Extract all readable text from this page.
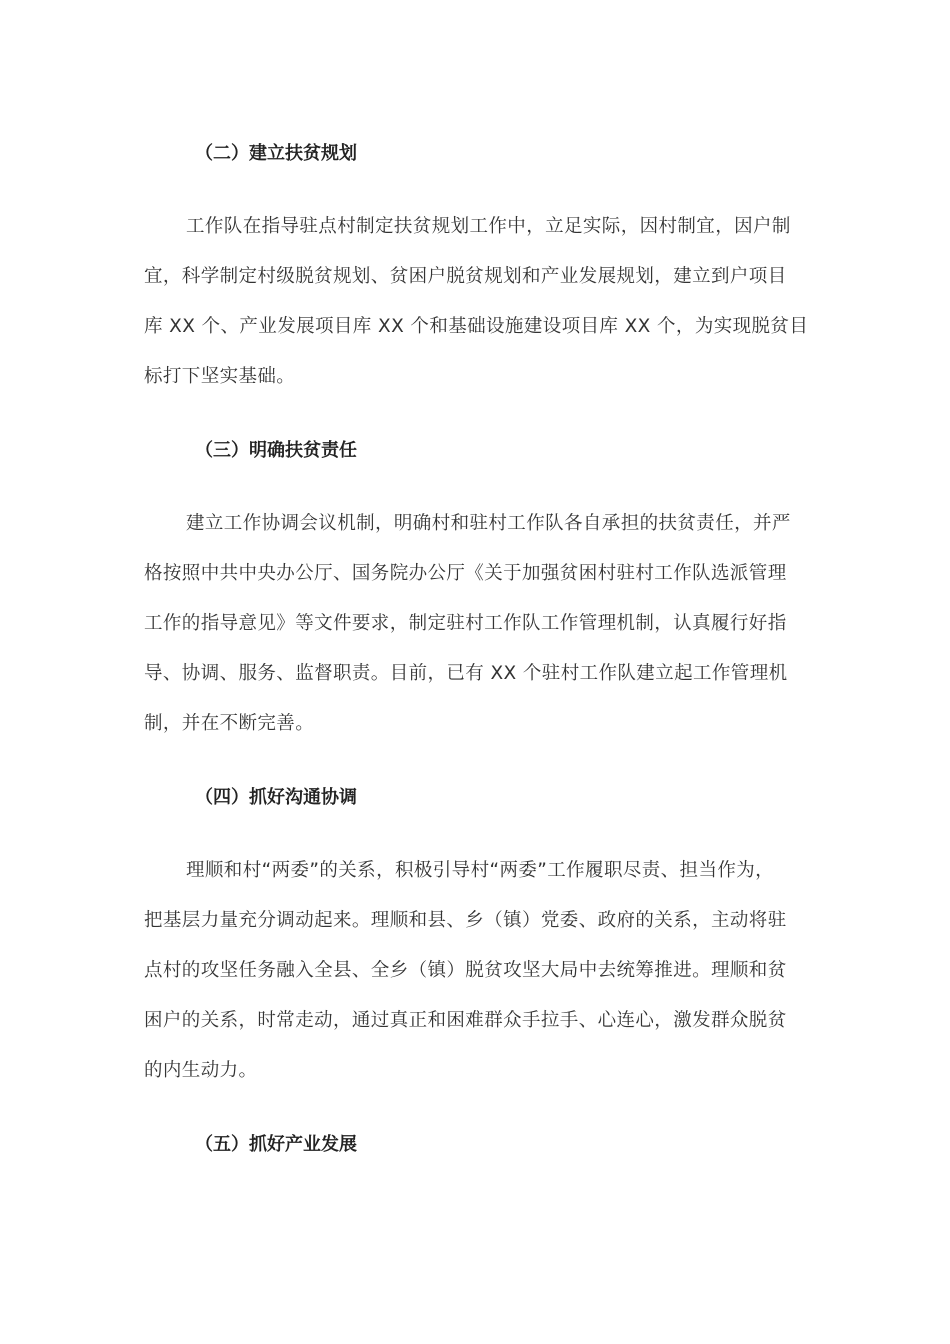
（二）建立扶贫规划
工作队在指导驻点村制定扶贫规划工作中，立足实际，因村制宜，因户制
宜，科学制定村级脱贫规划、贫困户脱贫规划和产业发展规划，建立到户项目
库 XX 个、产业发展项目库 XX 个和基础设施建设项目库 XX 个，为实现脱贫目
标打下坚实基础。
（三）明确扶贫责任
建立工作协调会议机制，明确村和驻村工作队各自承担的扶贫责任，并严
格按照中共中央办公厅、国务院办公厅《关于加强贫困村驻村工作队选派管理
工作的指导意见》等文件要求，制定驻村工作队工作管理机制，认真履行好指
导、协调、服务、监督职责。目前，已有 XX 个驻村工作队建立起工作管理机
制，并在不断完善。
（四）抓好沟通协调
理顺和村“两委”的关系，积极引导村“两委”工作履职尽责、担当作为，
把基层力量充分调动起来。理顺和县、乡（镇）党委、政府的关系，主动将驻
点村的攻坚任务融入全县、全乡（镇）脱贫攻坚大局中去统筹推进。理顺和贫
困户的关系，时常走动，通过真正和困难群众手拉手、心连心，激发群众脱贫
的内生动力。
（五）抓好产业发展
